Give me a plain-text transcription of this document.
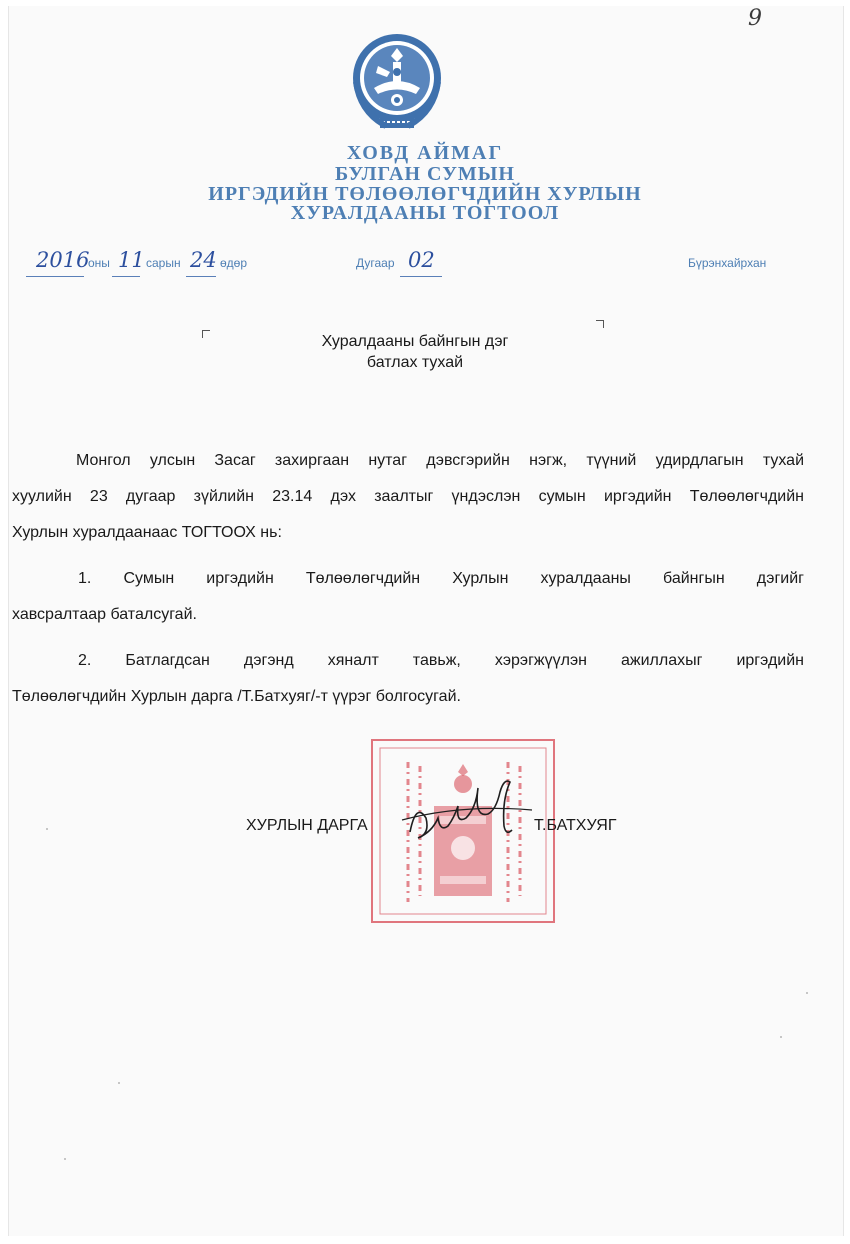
9
ХОВД АЙМАГ
БУЛГАН СУМЫН
ИРГЭДИЙН ТӨЛӨӨЛӨГЧДИЙН ХУРЛЫН
ХУРАЛДААНЫ ТОГТООЛ
2016
оны 11 сарын 24 өдөр	Дугаар 02	Бүрэнхайрхан
Хуралдааны байнгын дэг
батлах тухай
Монгол улсын Засаг захиргаан нутаг дэвсгэрийн нэгж, түүний удирдлагын тухай
хуулийн 23 дугаар зүйлийн 23.14 дэх заалтыг үндэслэн сумын иргэдийн Төлөөлөгчдийн
Хурлын хуралдаанаас ТОГТООХ нь:
1. Сумын иргэдийн Төлөөлөгчдийн Хурлын хуралдааны байнгын дэгийг
хавсралтаар баталсугай.
2. Батлагдсан дэгэнд хяналт тавьж, хэрэгжүүлэн ажиллахыг иргэдийн
Төлөөлөгчдийн Хурлын дарга /Т.Батхуяг/-т үүрэг болгосугай.
ХУРЛЫН ДАРГА	Т.БАТХУЯГ
